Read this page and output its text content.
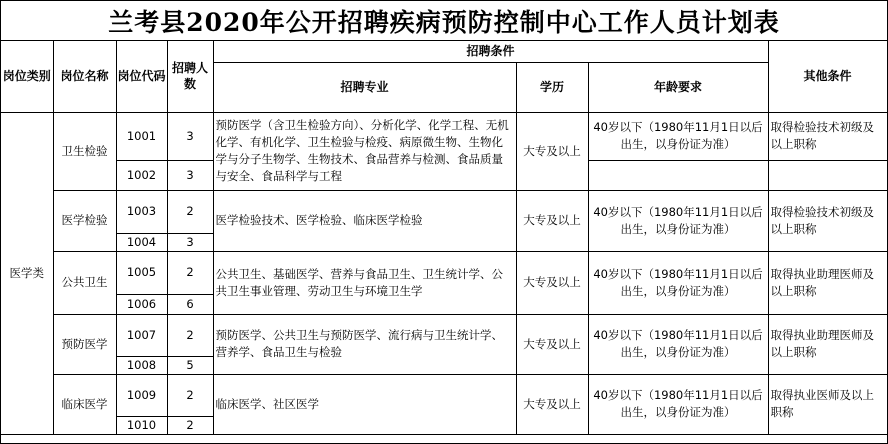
兰考县2020年公开招聘疾病预防控制中心工作人员计划表
岗位类别	岗位名称	岗位代码	招聘人数	招聘条件			其他条件
				招聘专业	学历	年龄要求	
医学类	卫生检验	1001	3	预防医学（含卫生检验方向）、分析化学、化学工程、无机化学、有机化学、卫生检验与检疫、病原微生物、生物化学与分子生物学、生物技术、食品营养与检测、食品质量与安全、食品科学与工程	大专及以上	40岁以下（1980年11月1日以后出生，以身份证为准）	取得检验技术初级及以上职称
		1002	3				
	医学检验	1003	2	医学检验技术、医学检验、临床医学检验	大专及以上	40岁以下（1980年11月1日以后出生，以身份证为准）	取得检验技术初级及以上职称
		1004	3				
	公共卫生	1005	2	公共卫生、基础医学、营养与食品卫生、卫生统计学、公共卫生事业管理、劳动卫生与环境卫生学	大专及以上	40岁以下（1980年11月1日以后出生，以身份证为准）	取得执业助理医师及以上职称
		1006	6				
	预防医学	1007	2	预防医学、公共卫生与预防医学、流行病与卫生统计学、营养学、食品卫生与检验	大专及以上	40岁以下（1980年11月1日以后出生，以身份证为准）	取得执业助理医师及以上职称
		1008	5				
	临床医学	1009	2	临床医学、社区医学	大专及以上	40岁以下（1980年11月1日以后出生，以身份证为准）	取得执业医师及以上职称
		1010	2				
